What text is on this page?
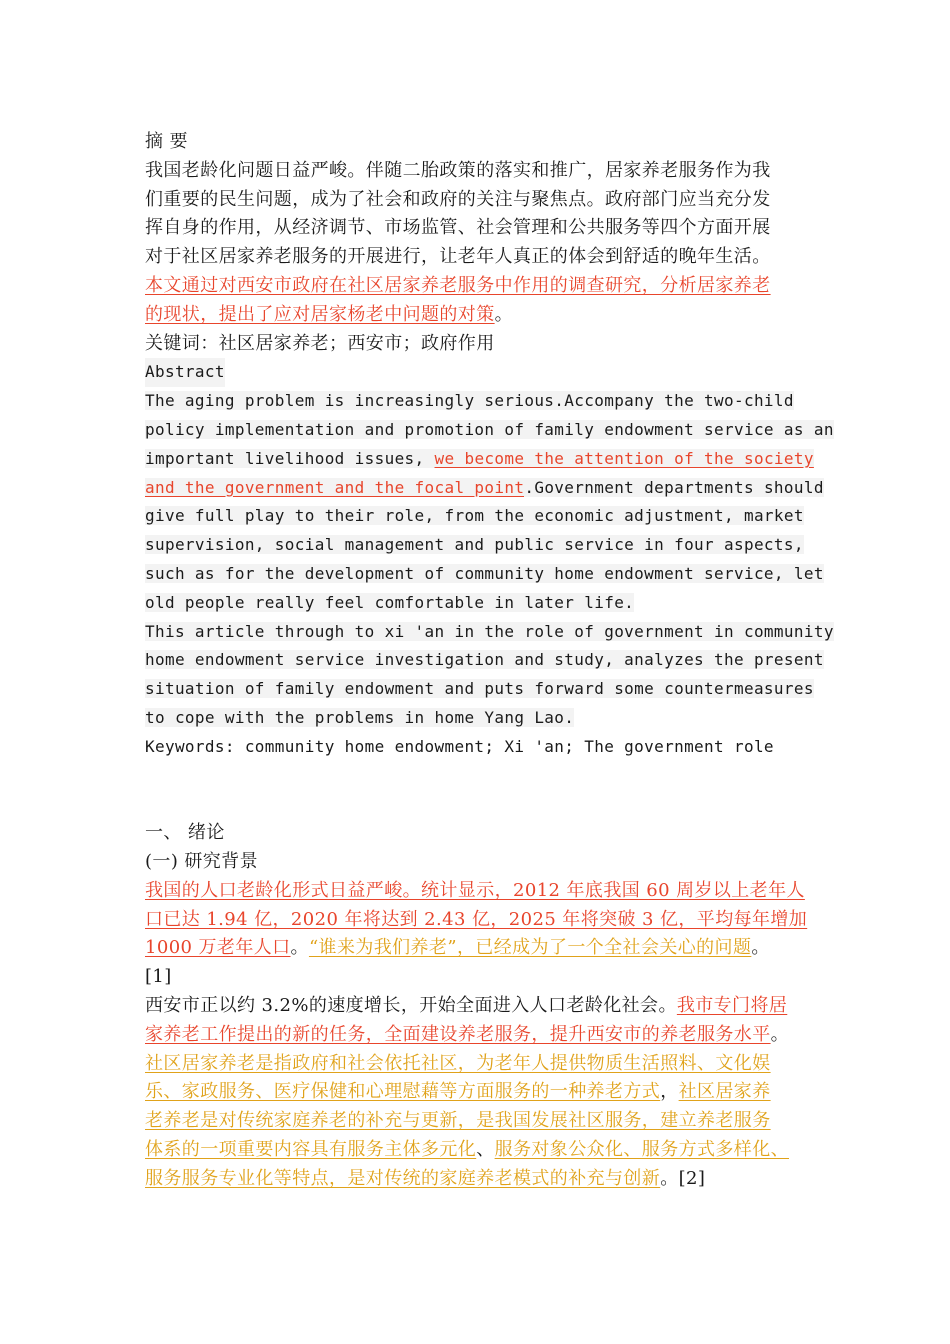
摘 要
我国老龄化问题日益严峻。伴随二胎政策的落实和推广，居家养老服务作为我
们重要的民生问题，成为了社会和政府的关注与聚焦点。政府部门应当充分发
挥自身的作用，从经济调节、市场监管、社会管理和公共服务等四个方面开展
对于社区居家养老服务的开展进行，让老年人真正的体会到舒适的晚年生活。
本文通过对西安市政府在社区居家养老服务中作用的调查研究，分析居家养老
的现状，提出了应对居家杨老中问题的对策。
关键词：社区居家养老；西安市；政府作用
Abstract
The aging problem is increasingly serious.Accompany the two-child
policy implementation and promotion of family endowment service as an
important livelihood issues, we become the attention of the society
and the government and the focal point.Government departments should
give full play to their role, from the economic adjustment, market
supervision, social management and public service in four aspects,
such as for the development of community home endowment service, let
old people really feel comfortable in later life.
This article through to xi 'an in the role of government in community
home endowment service investigation and study, analyzes the present
situation of family endowment and puts forward some countermeasures
to cope with the problems in home Yang Lao.
Keywords: community home endowment; Xi 'an; The government role
一、 绪论
(一) 研究背景
我国的人口老龄化形式日益严峻。统计显示，2012 年底我国 60 周岁以上老年人
口已达 1.94 亿，2020 年将达到 2.43 亿，2025 年将突破 3 亿，平均每年增加
1000 万老年人口。“谁来为我们养老”，已经成为了一个全社会关心的问题。
[1]
西安市正以约 3.2%的速度增长，开始全面进入人口老龄化社会。我市专门将居
家养老工作提出的新的任务，全面建设养老服务，提升西安市的养老服务水平。
社区居家养老是指政府和社会依托社区，为老年人提供物质生活照料、文化娱
乐、家政服务、医疗保健和心理慰藉等方面服务的一种养老方式，社区居家养
老养老是对传统家庭养老的补充与更新，是我国发展社区服务，建立养老服务
体系的一项重要内容具有服务主体多元化、服务对象公众化、服务方式多样化、
服务服务专业化等特点，是对传统的家庭养老模式的补充与创新。[2]
